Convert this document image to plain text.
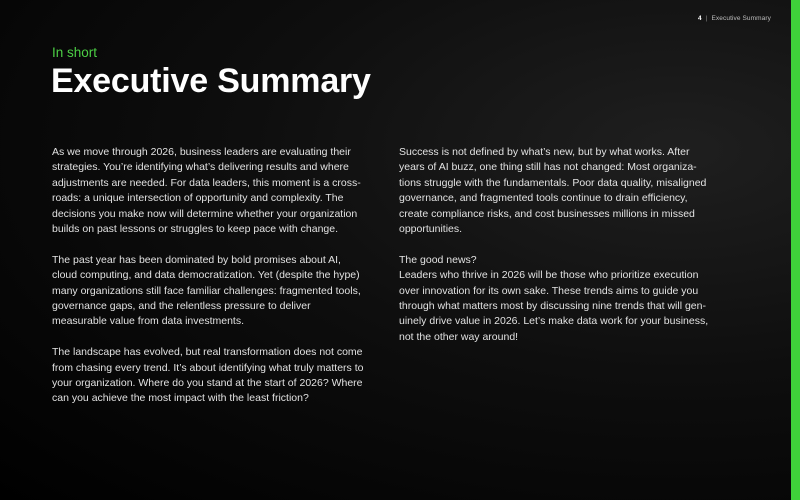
4 | Executive Summary
In short
Executive Summary

As we move through 2026, business leaders are evaluating their strategies. You’re identifying what’s delivering results and where adjustments are needed. For data leaders, this moment is a cross-roads: a unique intersection of opportunity and complexity. The decisions you make now will determine whether your organization builds on past lessons or struggles to keep pace with change.

The past year has been dominated by bold promises about AI, cloud computing, and data democratization. Yet (despite the hype) many organizations still face familiar challenges: fragmented tools, governance gaps, and the relentless pressure to deliver measurable value from data investments.

The landscape has evolved, but real transformation does not come from chasing every trend. It’s about identifying what truly matters to your organization. Where do you stand at the start of 2026? Where can you achieve the most impact with the least friction?

Success is not defined by what’s new, but by what works. After years of AI buzz, one thing still has not changed: Most organiza-tions struggle with the fundamentals. Poor data quality, misaligned governance, and fragmented tools continue to drain efficiency, create compliance risks, and cost businesses millions in missed opportunities.

The good news?

Leaders who thrive in 2026 will be those who prioritize execution over innovation for its own sake. These trends aims to guide you through what matters most by discussing nine trends that will gen-uinely drive value in 2026. Let’s make data work for your business, not the other way around!
